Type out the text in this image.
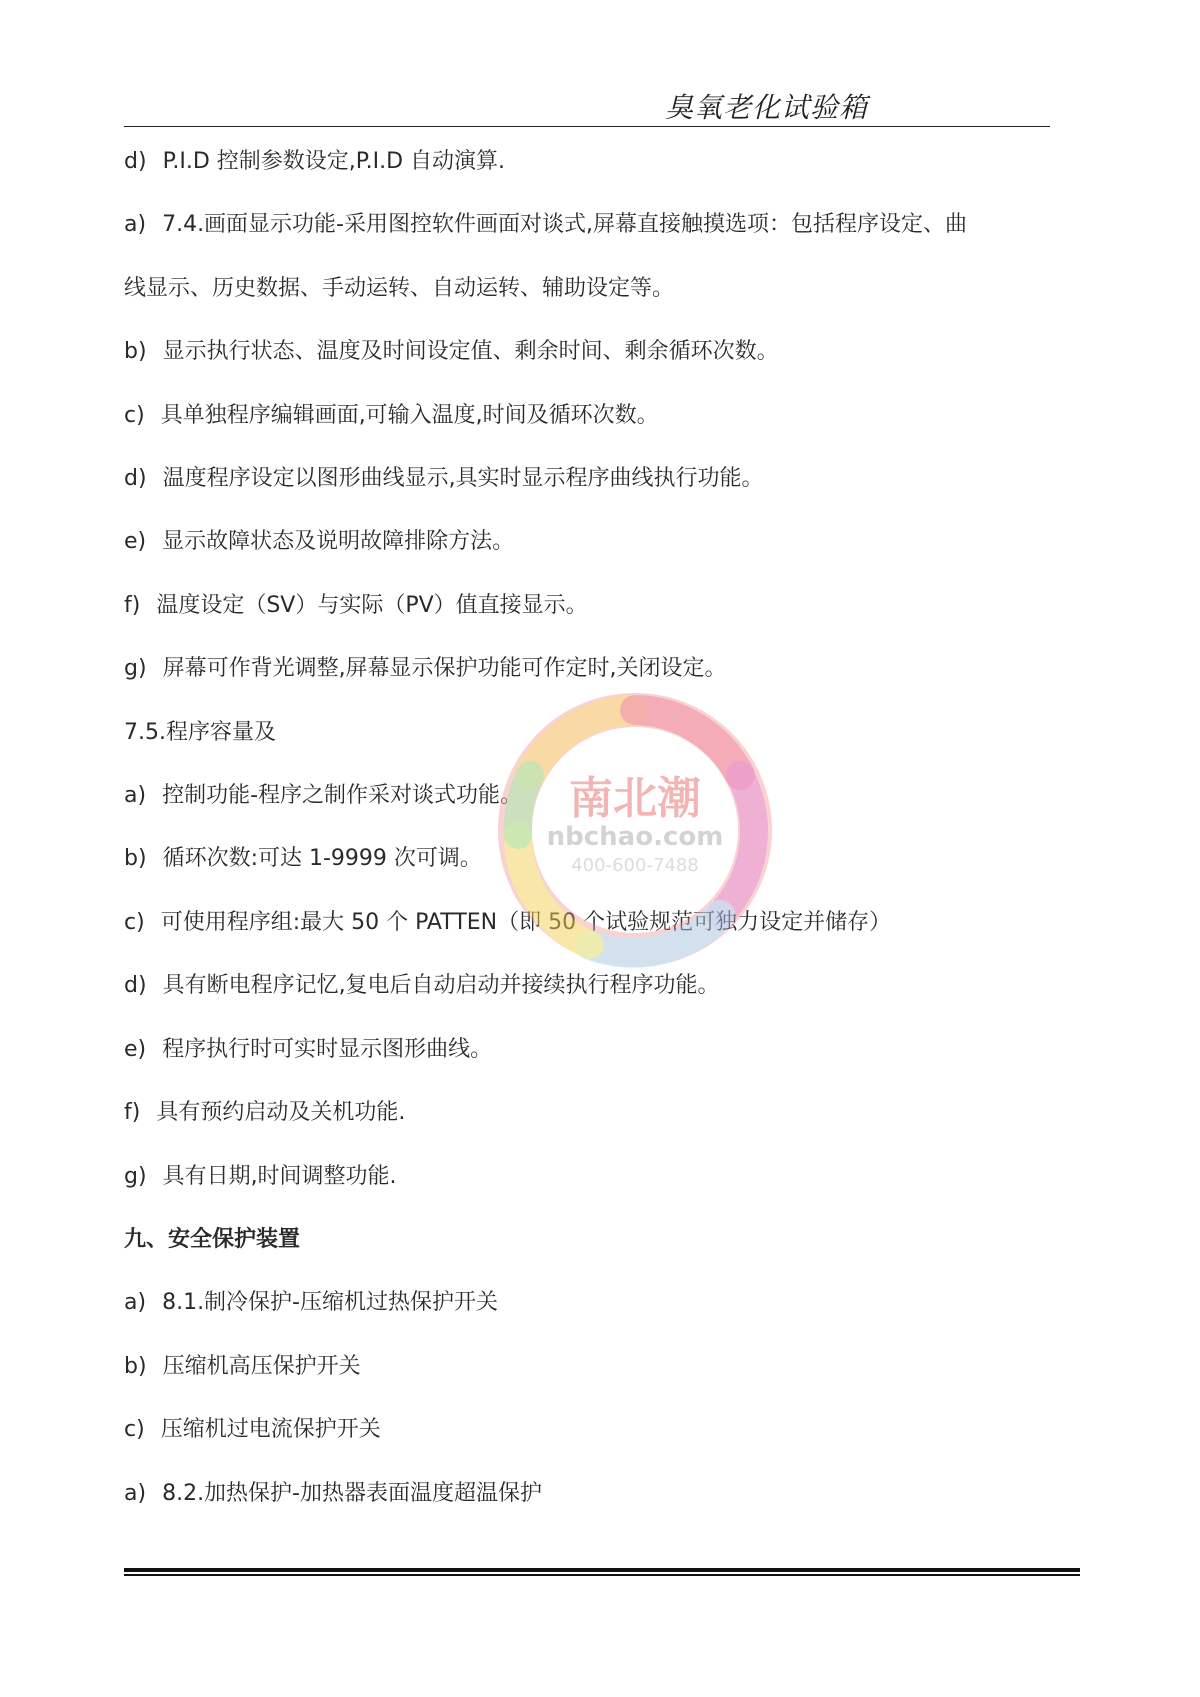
臭氧老化试验箱

d) P.I.D 控制参数设定,P.I.D 自动演算.

a) 7.4.画面显示功能-采用图控软件画面对谈式,屏幕直接触摸选项：包括程序设定、曲

线显示、历史数据、手动运转、自动运转、辅助设定等。

b) 显示执行状态、温度及时间设定值、剩余时间、剩余循环次数。

c) 具单独程序编辑画面,可输入温度,时间及循环次数。

d) 温度程序设定以图形曲线显示,具实时显示程序曲线执行功能。

e) 显示故障状态及说明故障排除方法。

f) 温度设定（SV）与实际（PV）值直接显示。

g) 屏幕可作背光调整,屏幕显示保护功能可作定时,关闭设定。

7.5.程序容量及

a) 控制功能-程序之制作采对谈式功能。

b) 循环次数:可达 1-9999 次可调。

c) 可使用程序组:最大 50 个 PATTEN（即 50 个试验规范可独力设定并储存）

d) 具有断电程序记忆,复电后自动启动并接续执行程序功能。

e) 程序执行时可实时显示图形曲线。

f) 具有预约启动及关机功能.

g) 具有日期,时间调整功能.

九、安全保护装置

a) 8.1.制冷保护-压缩机过热保护开关

b) 压缩机高压保护开关

c) 压缩机过电流保护开关

a) 8.2.加热保护-加热器表面温度超温保护

南北潮
nbchao.com
400-600-7488
